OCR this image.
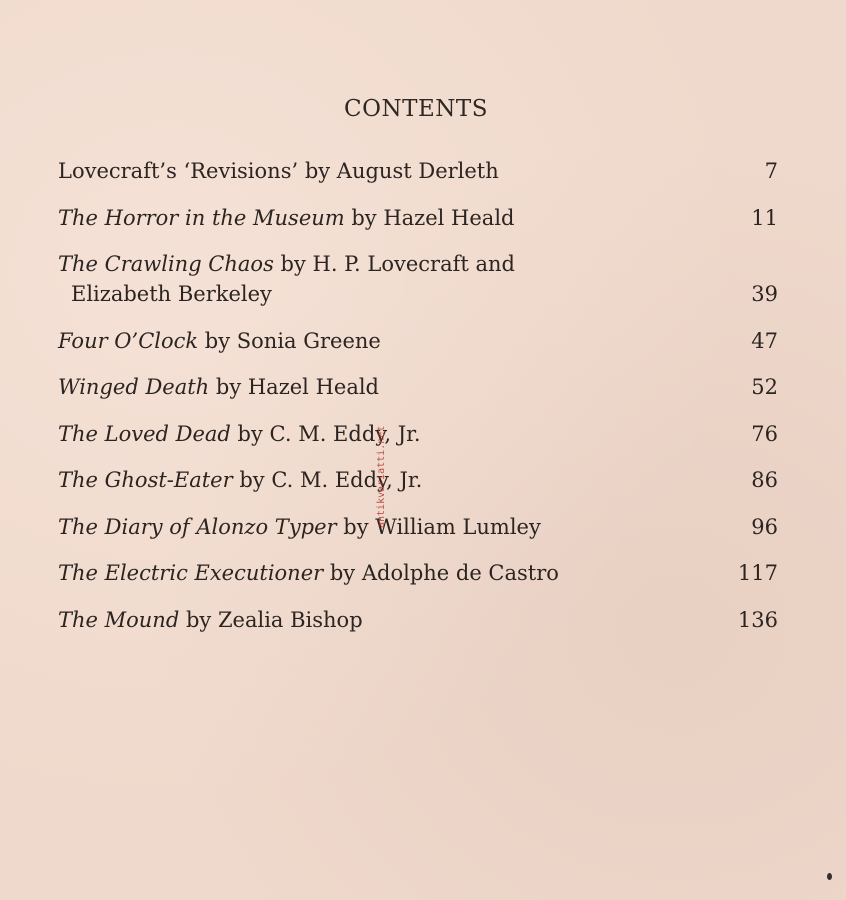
CONTENTS
Lovecraft’s ‘Revisions’ by August Derleth	7
The Horror in the Museum by Hazel Heald	11
The Crawling Chaos by H. P. Lovecraft and
Elizabeth Berkeley	39
Four O’Clock by Sonia Greene	47
Winged Death by Hazel Heald	52
The Loved Dead by C. M. Eddy, Jr.	76
The Ghost-Eater by C. M. Eddy, Jr.	86
The Diary of Alonzo Typer by William Lumley	96
The Electric Executioner by Adolphe de Castro	117
The Mound by Zealia Bishop	136
antikvariatti.net
